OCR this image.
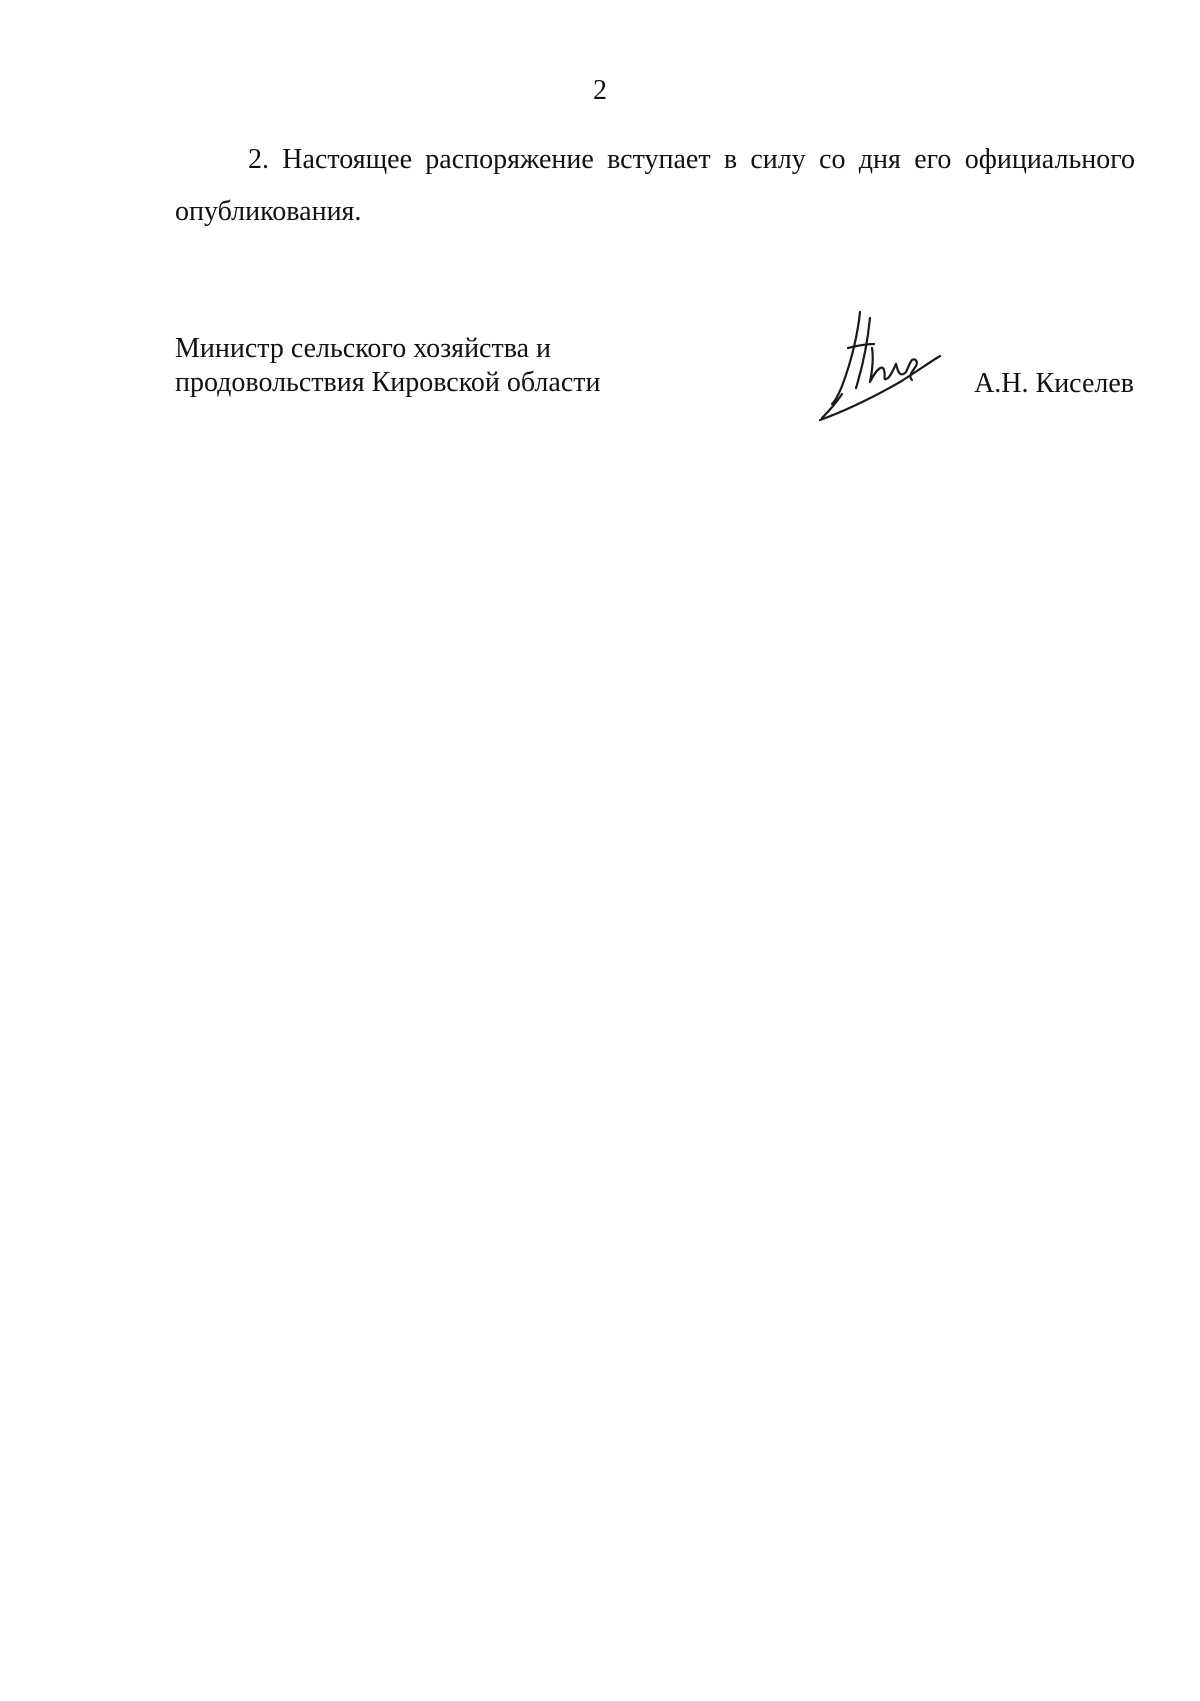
2

2. Настоящее распоряжение вступает в силу со дня его официального опубликования.

Министр сельского хозяйства и
продовольствия Кировской области	А.Н. Киселев
